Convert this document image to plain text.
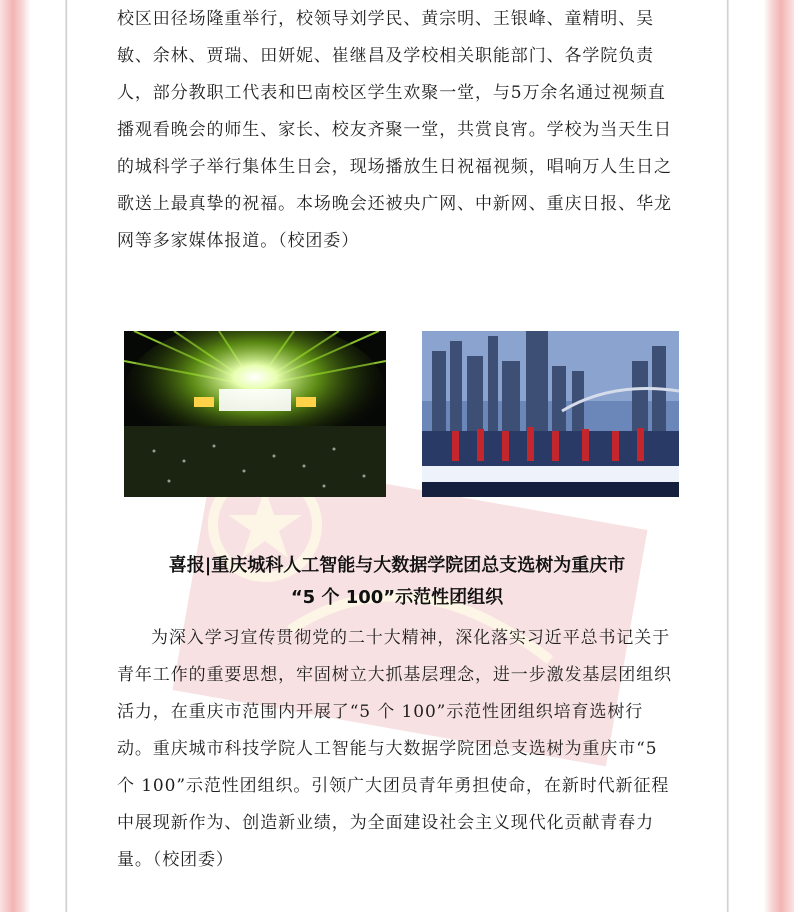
校区田径场隆重举行，校领导刘学民、黄宗明、王银峰、童精明、吴敏、余林、贾瑞、田妍妮、崔继昌及学校相关职能部门、各学院负责人，部分教职工代表和巴南校区学生欢聚一堂，与5万余名通过视频直播观看晚会的师生、家长、校友齐聚一堂，共赏良宵。学校为当天生日的城科学子举行集体生日会，现场播放生日祝福视频，唱响万人生日之歌送上最真挚的祝福。本场晚会还被央广网、中新网、重庆日报、华龙网等多家媒体报道。（校团委）

喜报|重庆城科人工智能与大数据学院团总支选树为重庆市
“5 个 100”示范性团组织

为深入学习宣传贯彻党的二十大精神，深化落实习近平总书记关于青年工作的重要思想，牢固树立大抓基层理念，进一步激发基层团组织活力，在重庆市范围内开展了“5 个 100”示范性团组织培育选树行动。重庆城市科技学院人工智能与大数据学院团总支选树为重庆市“5 个 100”示范性团组织。引领广大团员青年勇担使命，在新时代新征程中展现新作为、创造新业绩，为全面建设社会主义现代化贡献青春力量。（校团委）
